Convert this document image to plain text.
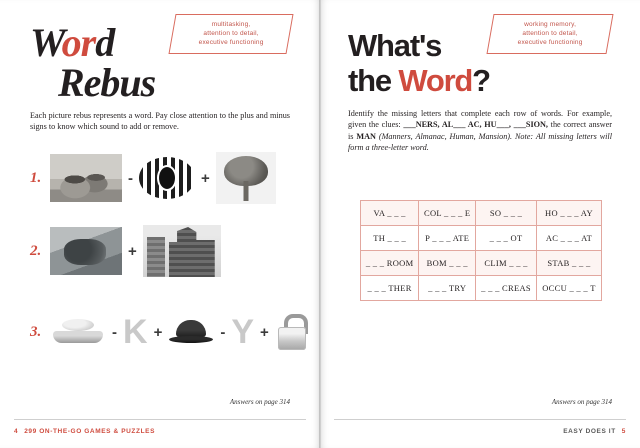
multitasking,
attention to detail,
executive functioning
Word
Rebus
Each picture rebus represents a word. Pay close attention to the plus and minus signs to know which sound to add or remove.
1.	-	+
2.	+
3.	- K +	- Y +
Answers on page 314
4 299 ON-THE-GO GAMES & PUZZLES
working memory,
attention to detail,
executive functioning
What's
the Word?
Identify the missing letters that complete each row of words. For example, given the clues: ___NERS, AL___ AC, HU___, ___SION, the correct answer is MAN (Manners, Almanac, Human, Mansion). Note: All missing letters will form a three-letter word.
VA _ _ _	COL _ _ _ E	SO _ _ _	HO _ _ _ AY
TH _ _ _	P _ _ _ ATE	_ _ _ OT	AC _ _ _ AT
_ _ _ ROOM	BOM _ _ _	CLIM _ _ _	STAB _ _ _
_ _ _ THER	_ _ _ TRY	_ _ _ CREAS	OCCU _ _ _ T
Answers on page 314
EASY DOES IT 5
